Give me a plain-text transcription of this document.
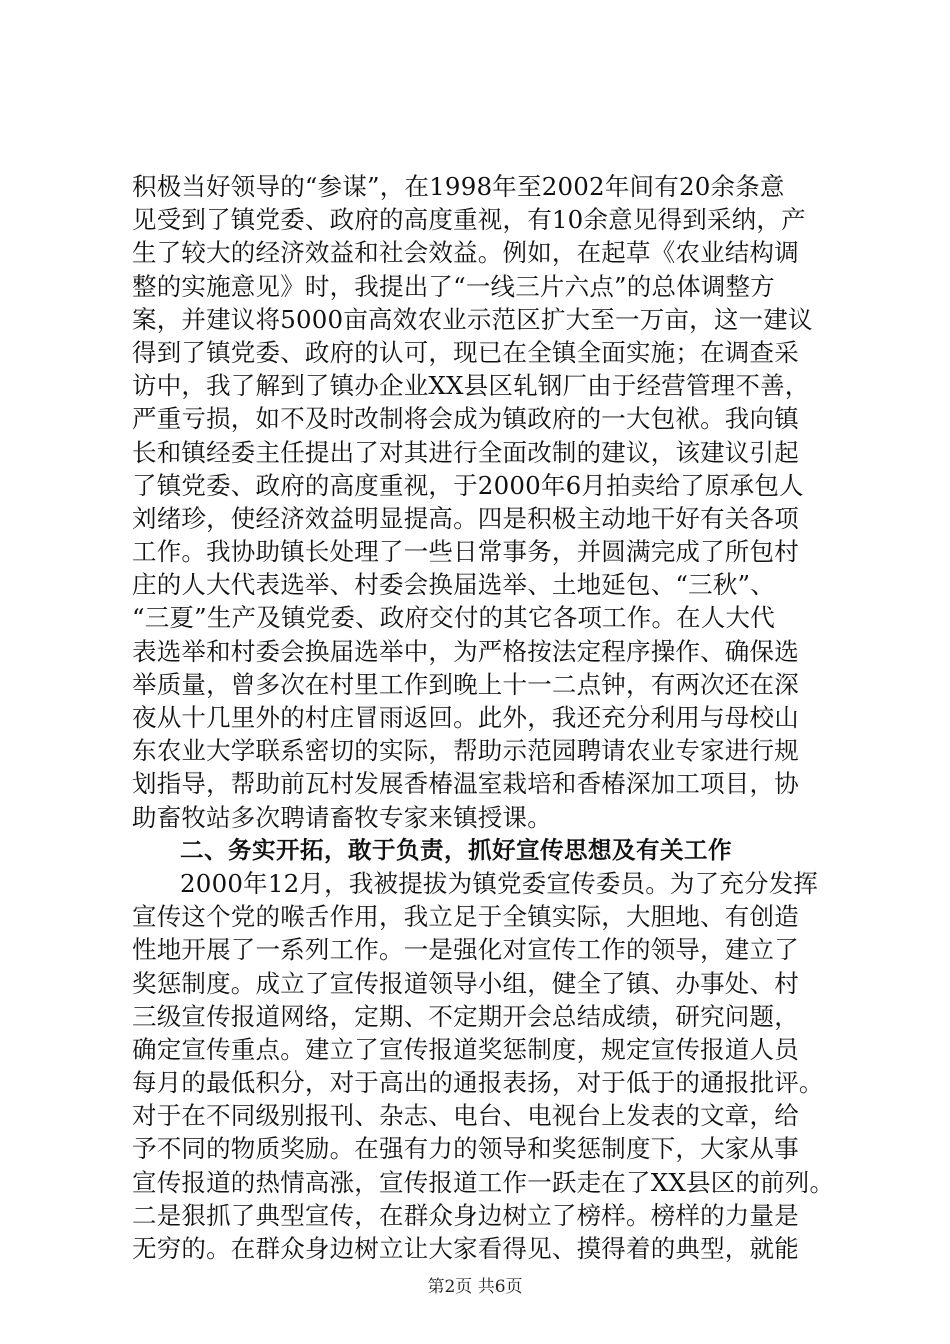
积极当好领导的“参谋”，在1998年至2002年间有20余条意
见受到了镇党委、政府的高度重视，有10余意见得到采纳，产
生了较大的经济效益和社会效益。例如，在起草《农业结构调
整的实施意见》时，我提出了“一线三片六点”的总体调整方
案，并建议将5000亩高效农业示范区扩大至一万亩，这一建议
得到了镇党委、政府的认可，现已在全镇全面实施；在调查采
访中，我了解到了镇办企业XX县区轧钢厂由于经营管理不善，
严重亏损，如不及时改制将会成为镇政府的一大包袱。我向镇
长和镇经委主任提出了对其进行全面改制的建议，该建议引起
了镇党委、政府的高度重视，于2000年6月拍卖给了原承包人
刘绪珍，使经济效益明显提高。四是积极主动地干好有关各项
工作。我协助镇长处理了一些日常事务，并圆满完成了所包村
庄的人大代表选举、村委会换届选举、土地延包、“三秋”、
“三夏”生产及镇党委、政府交付的其它各项工作。在人大代
表选举和村委会换届选举中，为严格按法定程序操作、确保选
举质量，曾多次在村里工作到晚上十一二点钟，有两次还在深
夜从十几里外的村庄冒雨返回。此外，我还充分利用与母校山
东农业大学联系密切的实际，帮助示范园聘请农业专家进行规
划指导，帮助前瓦村发展香椿温室栽培和香椿深加工项目，协
助畜牧站多次聘请畜牧专家来镇授课。
二、务实开拓，敢于负责，抓好宣传思想及有关工作
2000年12月，我被提拔为镇党委宣传委员。为了充分发挥
宣传这个党的喉舌作用，我立足于全镇实际，大胆地、有创造
性地开展了一系列工作。一是强化对宣传工作的领导，建立了
奖惩制度。成立了宣传报道领导小组，健全了镇、办事处、村
三级宣传报道网络，定期、不定期开会总结成绩，研究问题，
确定宣传重点。建立了宣传报道奖惩制度，规定宣传报道人员
每月的最低积分，对于高出的通报表扬，对于低于的通报批评。
对于在不同级别报刊、杂志、电台、电视台上发表的文章，给
予不同的物质奖励。在强有力的领导和奖惩制度下，大家从事
宣传报道的热情高涨，宣传报道工作一跃走在了XX县区的前列。
二是狠抓了典型宣传，在群众身边树立了榜样。榜样的力量是
无穷的。在群众身边树立让大家看得见、摸得着的典型，就能
第2页 共6页
